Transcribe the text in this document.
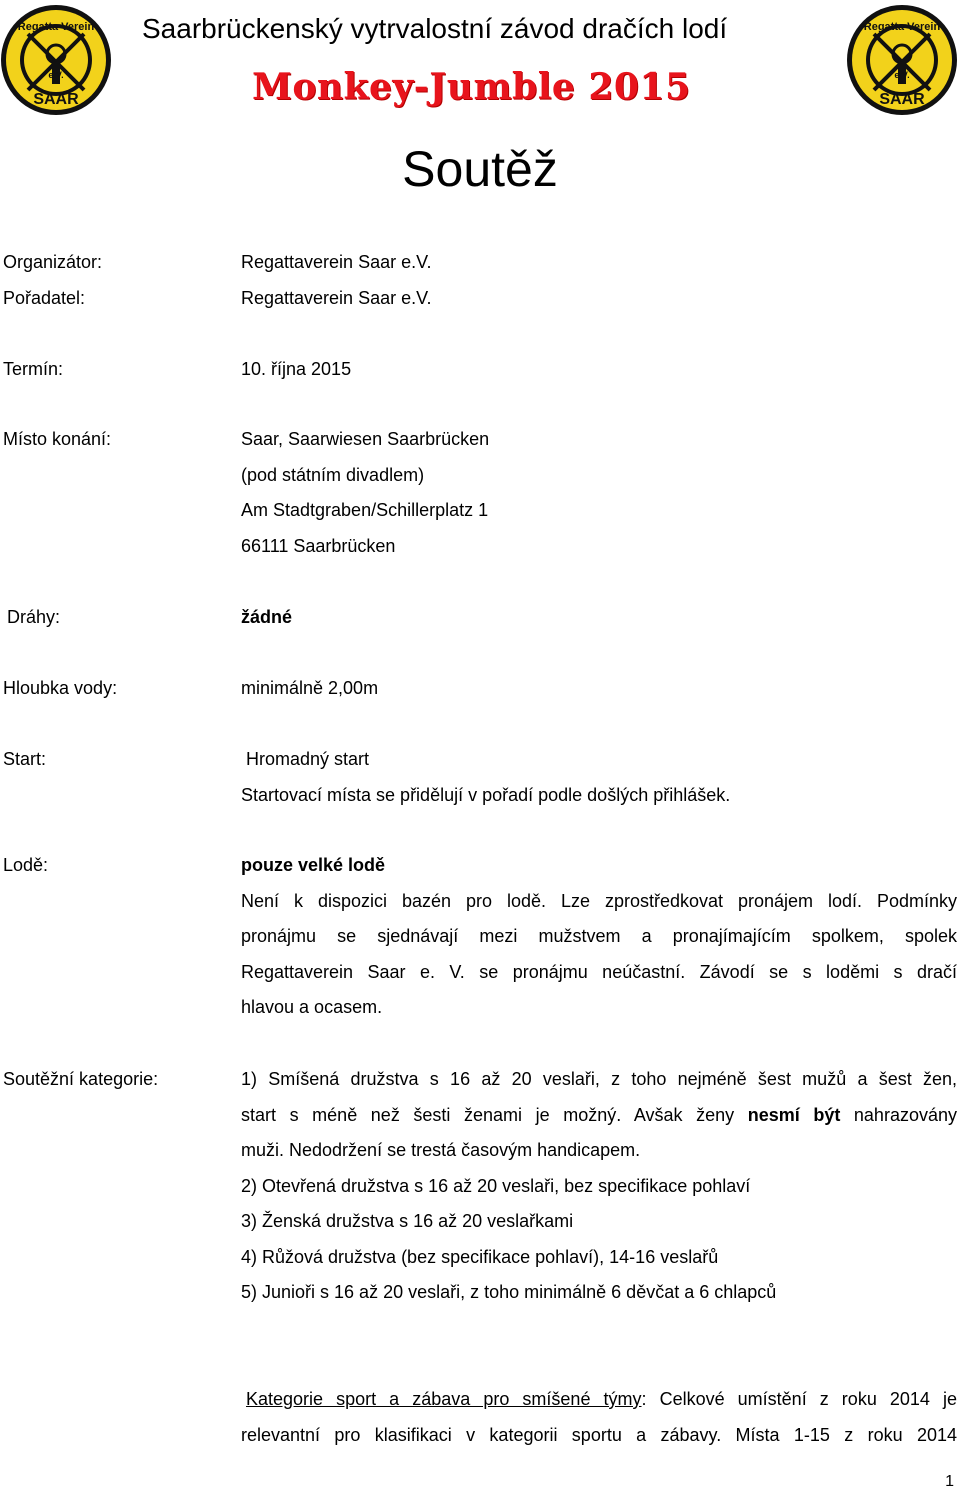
Regatta Verein
e.V.
SAAR
Regatta Verein
e.V.
SAAR
Saarbrückenský vytrvalostní závod dračích lodí
Monkey-Jumble 2015
Soutěž
Organizátor:	Regattaverein Saar e.V.
Pořadatel:	Regattaverein Saar e.V.
Termín:	10. října 2015
Místo konání:	Saar, Saarwiesen Saarbrücken
(pod státním divadlem)
Am Stadtgraben/Schillerplatz 1
66111 Saarbrücken
Dráhy:	žádné
Hloubka vody:	minimálně 2,00m
Start:	Hromadný start
Startovací místa se přidělují v pořadí podle došlých přihlášek.
Lodě:	pouze velké lodě
Není k dispozici bazén pro lodě. Lze zprostředkovat pronájem lodí. Podmínky
pronájmu se sjednávají mezi mužstvem a pronajímajícím spolkem, spolek
Regattaverein Saar e. V. se pronájmu neúčastní. Závodí se s loděmi s dračí
hlavou a ocasem.
Soutěžní kategorie:	1) Smíšená družstva s 16 až 20 veslaři, z toho nejméně šest mužů a šest žen,
start s méně než šesti ženami je možný. Avšak ženy nesmí být nahrazovány
muži. Nedodržení se trestá časovým handicapem.
2) Otevřená družstva s 16 až 20 veslaři, bez specifikace pohlaví
3) Ženská družstva s 16 až 20 veslařkami
4) Růžová družstva (bez specifikace pohlaví), 14-16 veslařů
5) Junioři s 16 až 20 veslaři, z toho minimálně 6 děvčat a 6 chlapců
Kategorie sport a zábava pro smíšené týmy: Celkové umístění z roku 2014 je
relevantní pro klasifikaci v kategorii sportu a zábavy. Místa 1-15 z roku 2014
1
